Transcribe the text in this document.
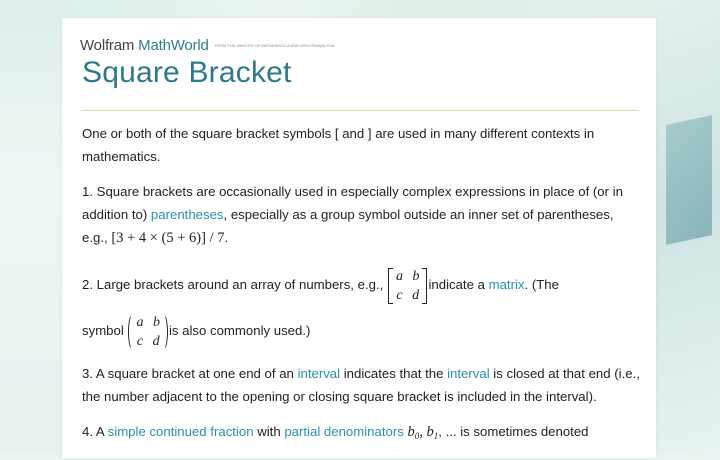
Wolfram MathWorld FROM THE MAKERS OF MATHEMATICA AND WOLFRAM|ALPHA
Square Bracket

One or both of the square bracket symbols [ and ] are used in many different contexts in mathematics.

1. Square brackets are occasionally used in especially complex expressions in place of (or in addition to) parentheses, especially as a group symbol outside an inner set of parentheses, e.g., [3 + 4 × (5 + 6)] / 7.

2. Large brackets around an array of numbers, e.g.,
a b
c d
indicate a matrix. (The

symbol
a b
c d
is also commonly used.)

3. A square bracket at one end of an interval indicates that the interval is closed at that end (i.e., the number adjacent to the opening or closing square bracket is included in the interval).

4. A simple continued fraction with partial denominators $b_0$, $b_1$, ... is sometimes denoted
